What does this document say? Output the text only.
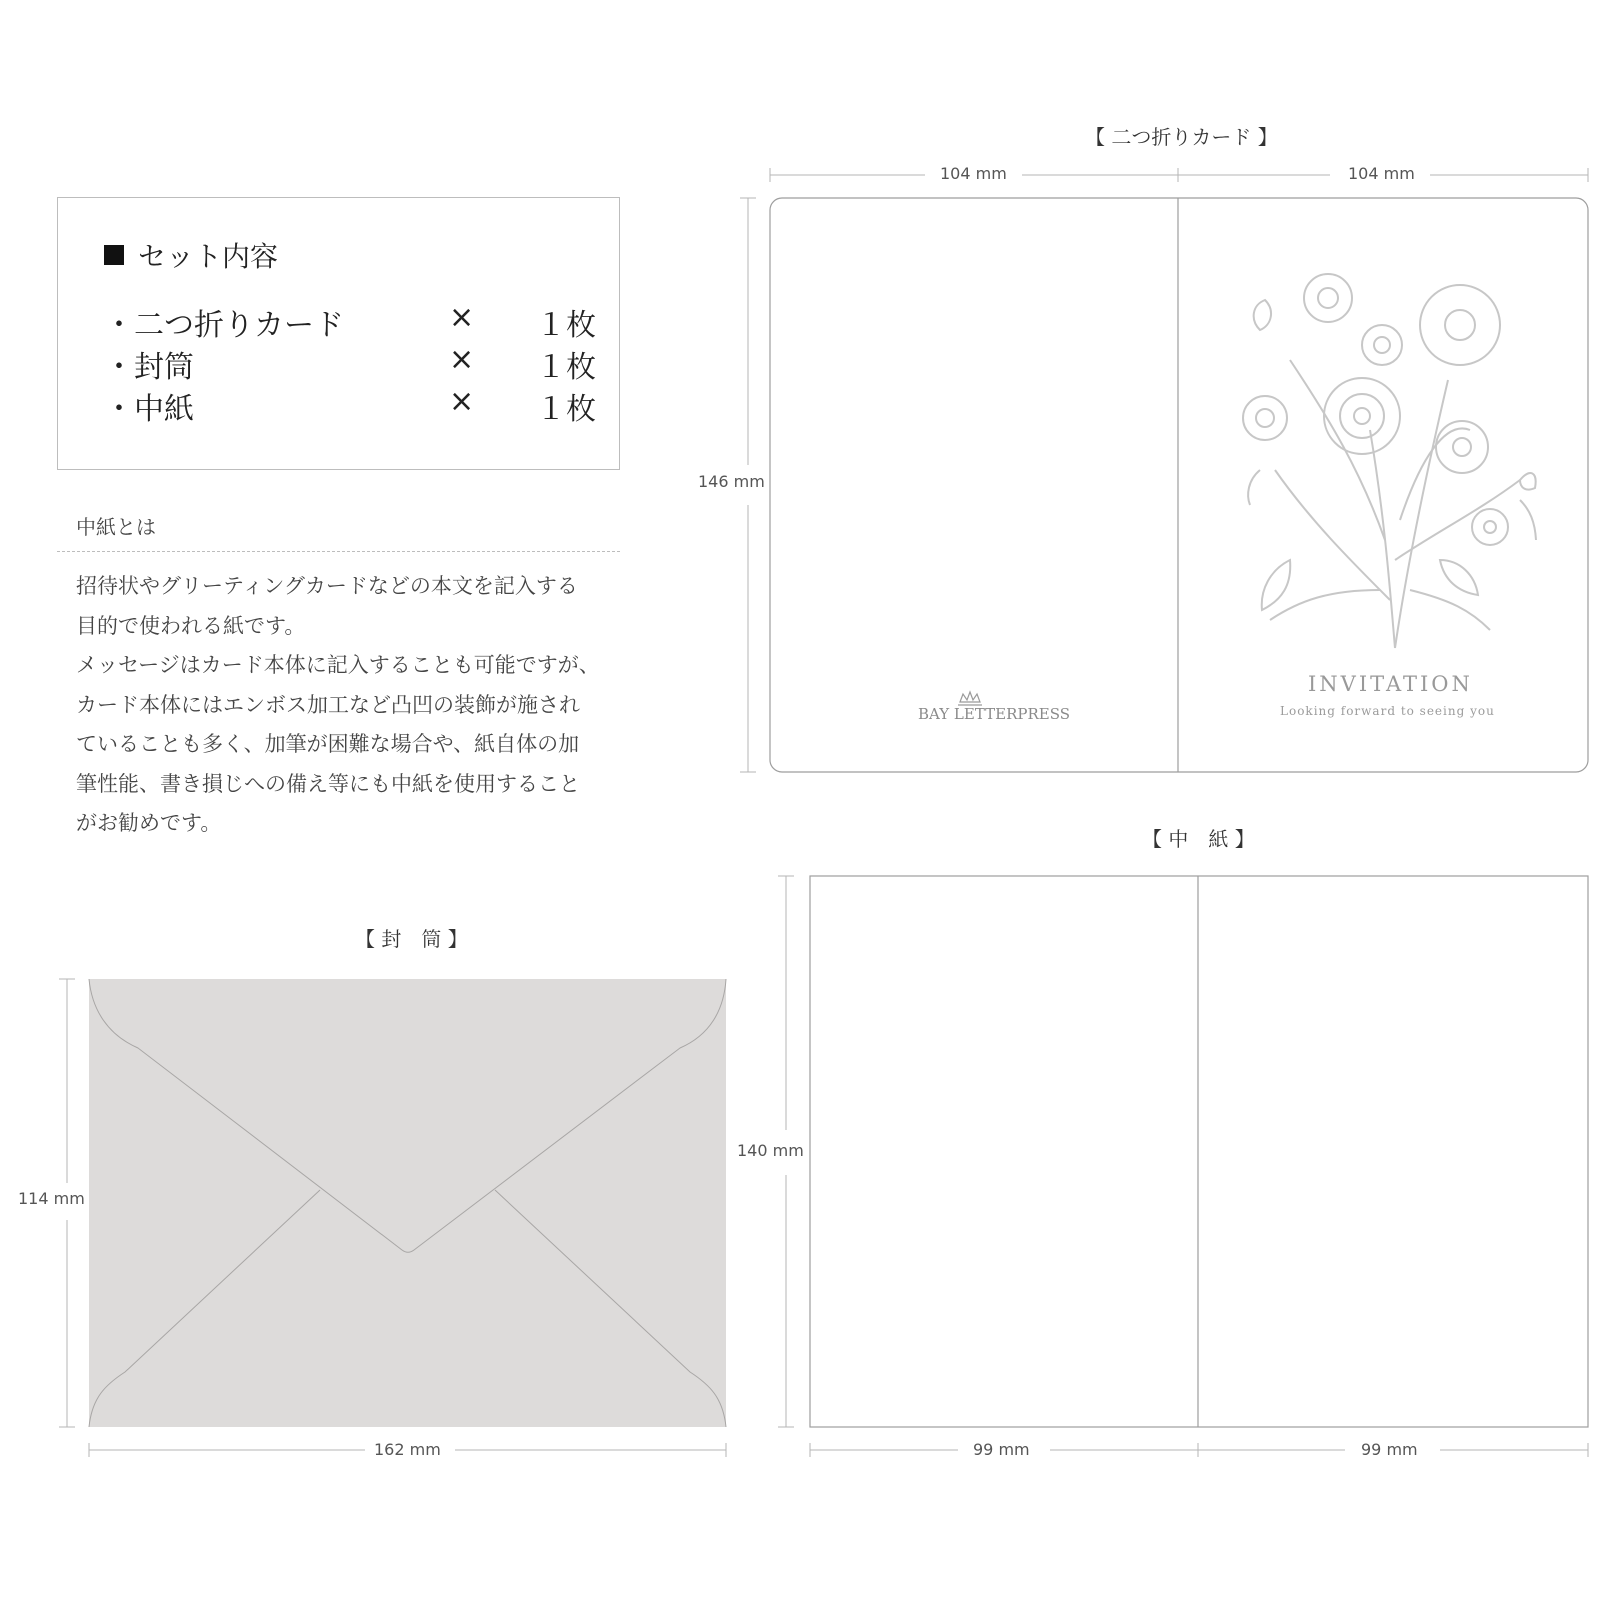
セット内容
・二つ折りカード	× １枚
・封筒	× １枚
・中紙	× １枚
中紙とは
招待状やグリーティングカードなどの本文を記入する
目的で使われる紙です。
メッセージはカード本体に記入することも可能ですが、
カード本体にはエンボス加工など凸凹の装飾が施され
ていることも多く、加筆が困難な場合や、紙自体の加
筆性能、書き損じへの備え等にも中紙を使用すること
がお勧めです。
【 二つ折りカード 】
104 mm	104 mm
146 mm
BAY LETTERPRESS
INVITATION
Looking forward to seeing you
【 中　紙 】
140 mm
99 mm	99 mm
【 封　筒 】
114 mm
162 mm
